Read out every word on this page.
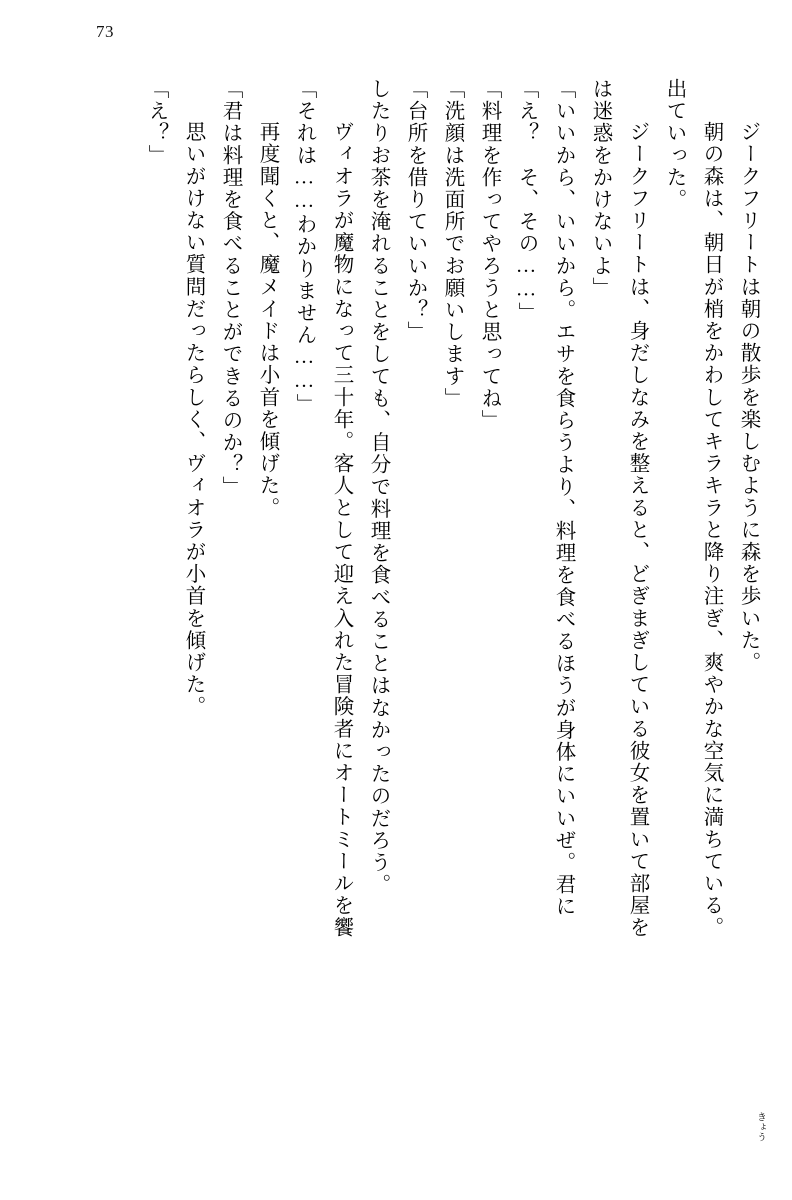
73
「え？」 　思いがけない質問だったらしく、ヴィオラが小首を傾げた。 「君は料理を食べることができるのか？」 　再度聞くと、魔メイドは小首を傾げた。 「それは……わかりません……」 　ヴィオラが魔物になって三十年。客人として迎え入れた冒険者にオートミールを饗 したりお茶を淹れることをしても、自分で料理を食べることはなかったのだろう。 「台所を借りていいか？」 「洗顔は洗面所でお願いします」 「料理を作ってやろうと思ってね」 「え？　そ、その……」 「いいから、いいから。エサを食らうより、料理を食べるほうが身体にいいぜ。君に は迷惑をかけないよ」 　ジークフリートは、身だしなみを整えると、どぎまぎしている彼女を置いて部屋を 出ていった。 　朝の森は、朝日が梢をかわしてキラキラと降り注ぎ、爽やかな空気に満ちている。 　ジークフリートは朝の散歩を楽しむように森を歩いた。
きょう
